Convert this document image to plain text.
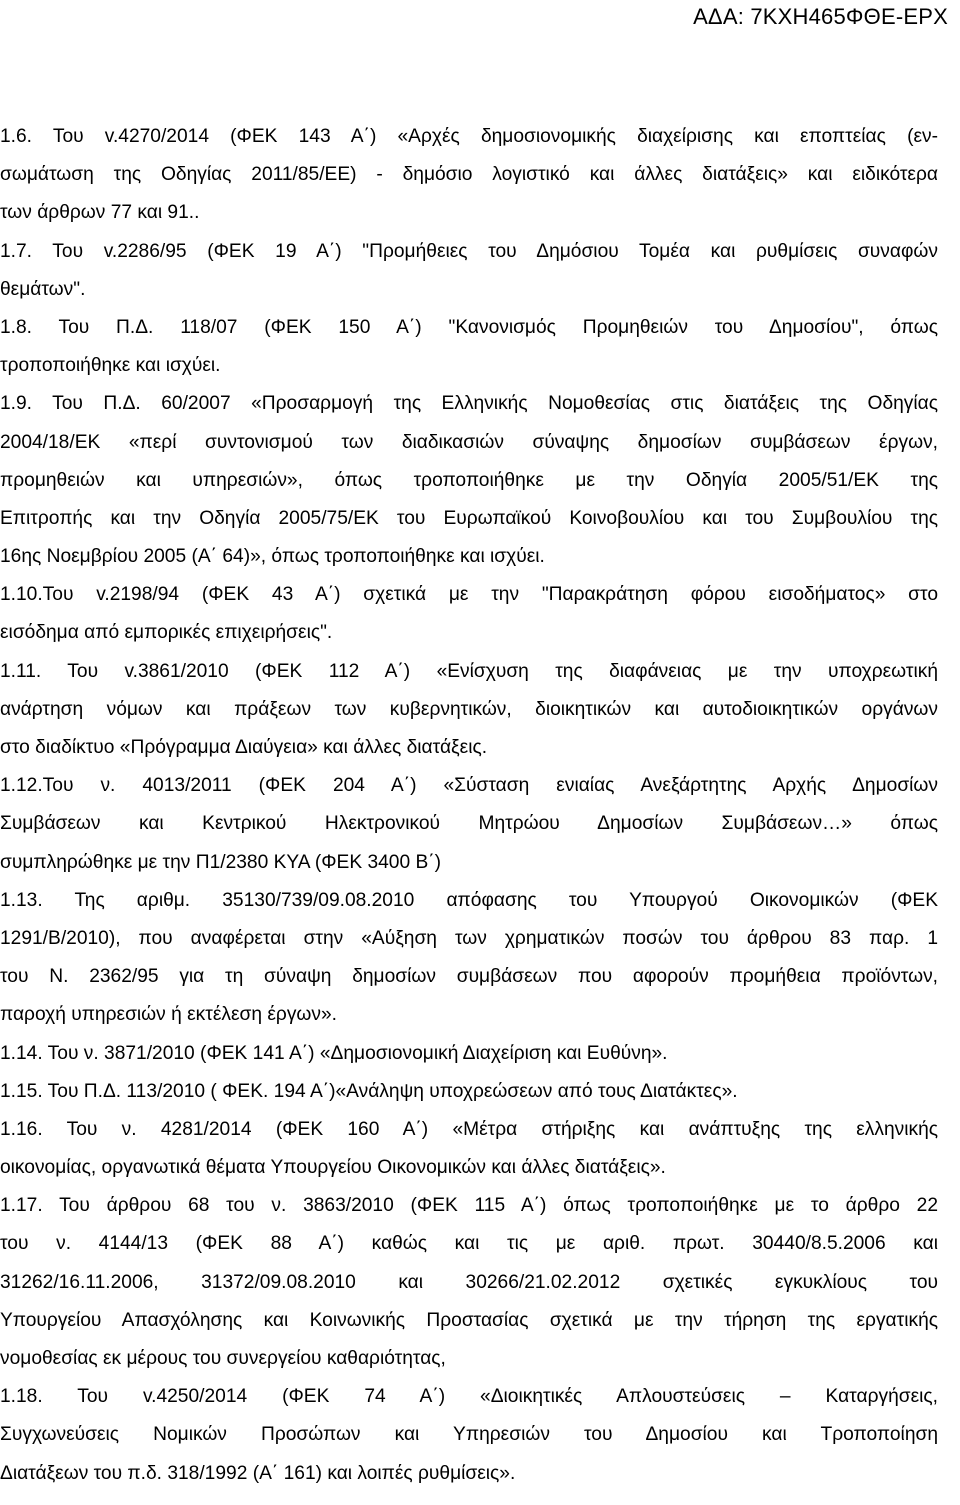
ΑΔΑ: 7ΚΧΗ465ΦΘΕ-ΕΡΧ
1.6. Του v.4270/2014 (ΦΕΚ 143 Α΄) «Αρχές δημοσιονομικής διαχείρισης και εποπτείας (εν-
σωμάτωση της Οδηγίας 2011/85/ΕΕ) - δημόσιο λογιστικό και άλλες διατάξεις» και ειδικότερα
των άρθρων 77 και 91..
1.7. Του v.2286/95 (ΦΕΚ 19 Α΄) "Προμήθειες του Δημόσιου Τομέα και ρυθμίσεις συναφών
θεμάτων".
1.8. Του Π.Δ. 118/07 (ΦΕΚ 150 Α΄) "Κανονισμός Προμηθειών του Δημοσίου", όπως
τροποποιήθηκε και ισχύει.
1.9. Του Π.Δ. 60/2007 «Προσαρμογή της Ελληνικής Νομοθεσίας στις διατάξεις της Οδηγίας
2004/18/ΕΚ «περί συντονισμού των διαδικασιών σύναψης δημοσίων συμβάσεων έργων,
προμηθειών και υπηρεσιών», όπως τροποποιήθηκε με την Οδηγία 2005/51/ΕΚ της
Επιτροπής και την Οδηγία 2005/75/ΕΚ του Ευρωπαϊκού Κοινοβουλίου και του Συμβουλίου της
16ης Νοεμβρίου 2005 (Α΄ 64)», όπως τροποποιήθηκε και ισχύει.
1.10.Του v.2198/94 (ΦΕΚ 43 Α΄) σχετικά με την "Παρακράτηση φόρου εισοδήματος» στο
εισόδημα από εμπορικές επιχειρήσεις".
1.11. Του v.3861/2010 (ΦΕΚ 112 Α΄) «Ενίσχυση της διαφάνειας με την υποχρεωτική
ανάρτηση νόμων και πράξεων των κυβερνητικών, διοικητικών και αυτοδιοικητικών οργάνων
στο διαδίκτυο «Πρόγραμμα Διαύγεια» και άλλες διατάξεις.
1.12.Του ν. 4013/2011 (ΦΕΚ 204 Α΄) «Σύσταση ενιαίας Ανεξάρτητης Αρχής Δημοσίων
Συμβάσεων και Κεντρικού Ηλεκτρονικού Μητρώου Δημοσίων Συμβάσεων…» όπως
συμπληρώθηκε με την Π1/2380 ΚΥΑ (ΦΕΚ 3400 Β΄)
1.13. Της αριθμ. 35130/739/09.08.2010 απόφασης του Υπουργού Οικονομικών (ΦΕΚ
1291/Β/2010), που αναφέρεται στην «Αύξηση των χρηματικών ποσών του άρθρου 83 παρ. 1
του Ν. 2362/95 για τη σύναψη δημοσίων συμβάσεων που αφορούν προμήθεια προϊόντων,
παροχή υπηρεσιών ή εκτέλεση έργων».
1.14. Του ν. 3871/2010 (ΦΕΚ 141 Α΄) «Δημοσιονομική Διαχείριση και Ευθύνη».
1.15. Του Π.Δ. 113/2010 ( ΦΕΚ. 194 Α΄)«Ανάληψη υποχρεώσεων από τους Διατάκτες».
1.16. Του ν. 4281/2014 (ΦΕΚ 160 Α΄) «Μέτρα στήριξης και ανάπτυξης της ελληνικής
οικονομίας, οργανωτικά θέματα Υπουργείου Οικονομικών και άλλες διατάξεις».
1.17. Του άρθρου 68 του ν. 3863/2010 (ΦΕΚ 115 Α΄) όπως τροποποιήθηκε με το άρθρο 22
του ν. 4144/13 (ΦΕΚ 88 Α΄) καθώς και τις με αριθ. πρωτ. 30440/8.5.2006 και
31262/16.11.2006, 31372/09.08.2010 και 30266/21.02.2012 σχετικές εγκυκλίους του
Υπουργείου Απασχόλησης και Κοινωνικής Προστασίας σχετικά με την τήρηση της εργατικής
νομοθεσίας εκ μέρους του συνεργείου καθαριότητας,
1.18. Του v.4250/2014 (ΦΕΚ 74 Α΄) «Διοικητικές Απλουστεύσεις – Καταργήσεις,
Συγχωνεύσεις Νομικών Προσώπων και Υπηρεσιών του Δημοσίου και Τροποποίηση
Διατάξεων του π.δ. 318/1992 (Α΄ 161) και λοιπές ρυθμίσεις».
